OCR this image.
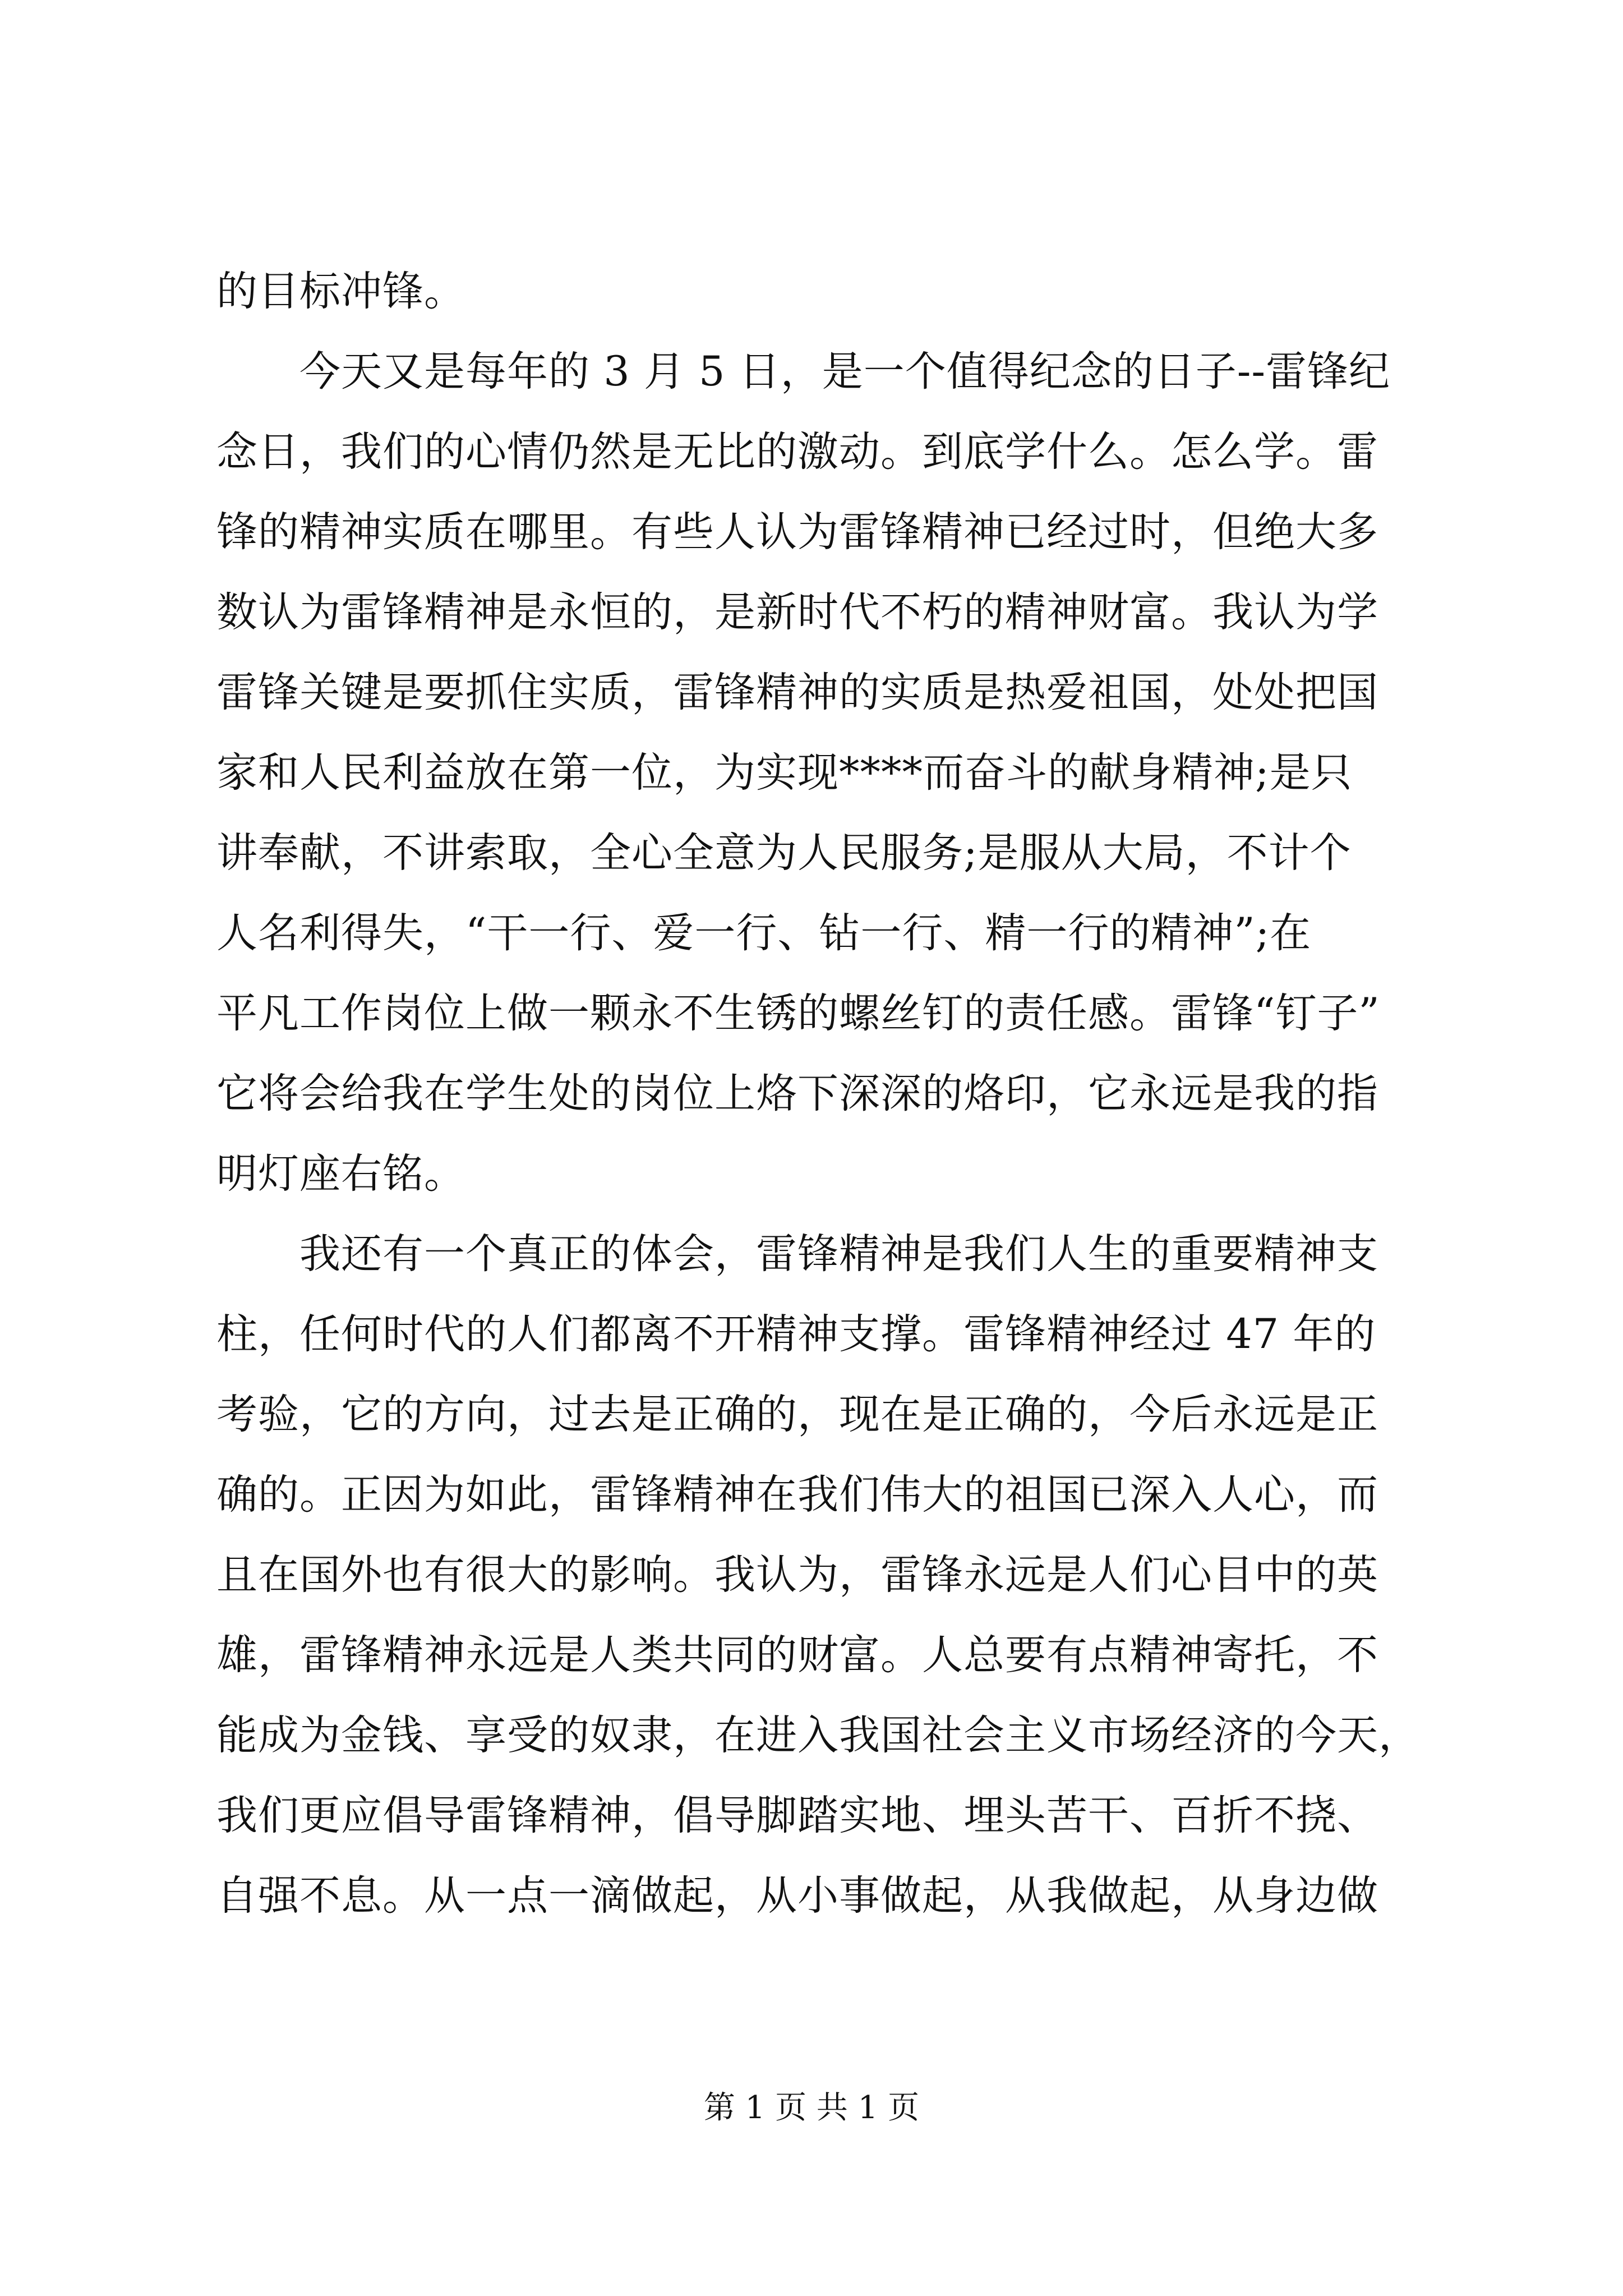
的目标冲锋。
　　今天又是每年的 3 月 5 日，是一个值得纪念的日子--雷锋纪
念日，我们的心情仍然是无比的激动。到底学什么。怎么学。雷
锋的精神实质在哪里。有些人认为雷锋精神已经过时，但绝大多
数认为雷锋精神是永恒的，是新时代不朽的精神财富。我认为学
雷锋关键是要抓住实质，雷锋精神的实质是热爱祖国，处处把国
家和人民利益放在第一位，为实现****而奋斗的献身精神;是只
讲奉献，不讲索取，全心全意为人民服务;是服从大局，不计个
人名利得失，“干一行、爱一行、钻一行、精一行的精神”;在
平凡工作岗位上做一颗永不生锈的螺丝钉的责任感。雷锋“钉子”
它将会给我在学生处的岗位上烙下深深的烙印，它永远是我的指
明灯座右铭。
　　我还有一个真正的体会，雷锋精神是我们人生的重要精神支
柱，任何时代的人们都离不开精神支撑。雷锋精神经过 47 年的
考验，它的方向，过去是正确的，现在是正确的，今后永远是正
确的。正因为如此，雷锋精神在我们伟大的祖国已深入人心，而
且在国外也有很大的影响。我认为，雷锋永远是人们心目中的英
雄，雷锋精神永远是人类共同的财富。人总要有点精神寄托，不
能成为金钱、享受的奴隶，在进入我国社会主义市场经济的今天，
我们更应倡导雷锋精神，倡导脚踏实地、埋头苦干、百折不挠、
自强不息。从一点一滴做起，从小事做起，从我做起，从身边做
第 1 页 共 1 页
